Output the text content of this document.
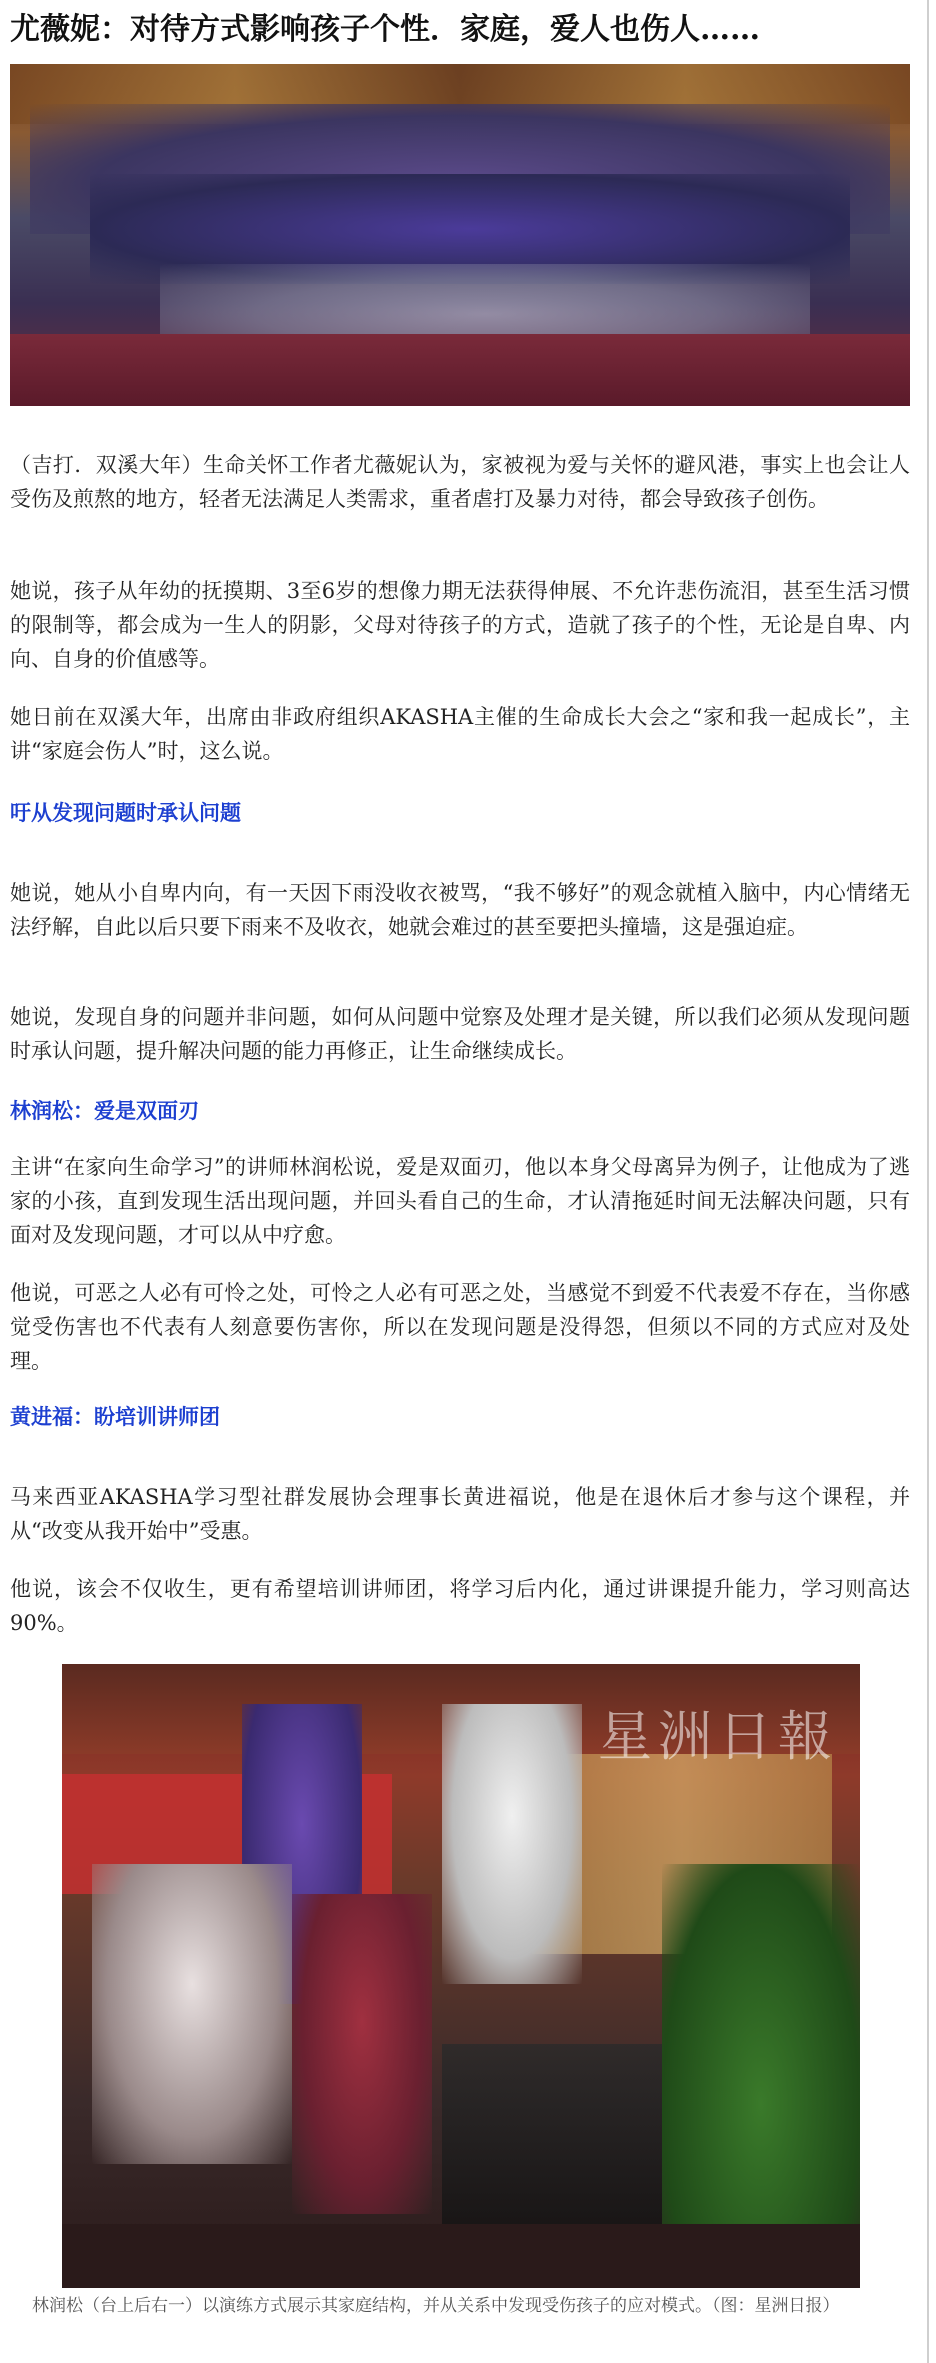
尤薇妮：对待方式影响孩子个性．家庭，爱人也伤人……
（吉打．双溪大年）生命关怀工作者尤薇妮认为，家被视为爱与关怀的避风港，事实上也会让人受伤及煎熬的地方，轻者无法满足人类需求，重者虐打及暴力对待，都会导致孩子创伤。
她说，孩子从年幼的抚摸期、3至6岁的想像力期无法获得伸展、不允许悲伤流泪，甚至生活习惯的限制等，都会成为一生人的阴影，父母对待孩子的方式，造就了孩子的个性，无论是自卑、内向、自身的价值感等。
她日前在双溪大年，出席由非政府组织AKASHA主催的生命成长大会之“家和我一起成长”，主讲“家庭会伤人”时，这么说。
吁从发现问题时承认问题
她说，她从小自卑内向，有一天因下雨没收衣被骂，“我不够好”的观念就植入脑中，内心情绪无法纾解，自此以后只要下雨来不及收衣，她就会难过的甚至要把头撞墙，这是强迫症。
她说，发现自身的问题并非问题，如何从问题中觉察及处理才是关键，所以我们必须从发现问题时承认问题，提升解决问题的能力再修正，让生命继续成长。
林润松：爱是双面刃
主讲“在家向生命学习”的讲师林润松说，爱是双面刃，他以本身父母离异为例子，让他成为了逃家的小孩，直到发现生活出现问题，并回头看自己的生命，才认清拖延时间无法解决问题，只有面对及发现问题，才可以从中疗愈。
他说，可恶之人必有可怜之处，可怜之人必有可恶之处，当感觉不到爱不代表爱不存在，当你感觉受伤害也不代表有人刻意要伤害你，所以在发现问题是没得怨，但须以不同的方式应对及处理。
黄进福：盼培训讲师团
马来西亚AKASHA学习型社群发展协会理事长黄进福说，他是在退休后才参与这个课程，并从“改变从我开始中”受惠。
他说，该会不仅收生，更有希望培训讲师团，将学习后内化，通过讲课提升能力，学习则高达90%。
星洲日報
林润松（台上后右一）以演练方式展示其家庭结构，并从关系中发现受伤孩子的应对模式。（图：星洲日报）
